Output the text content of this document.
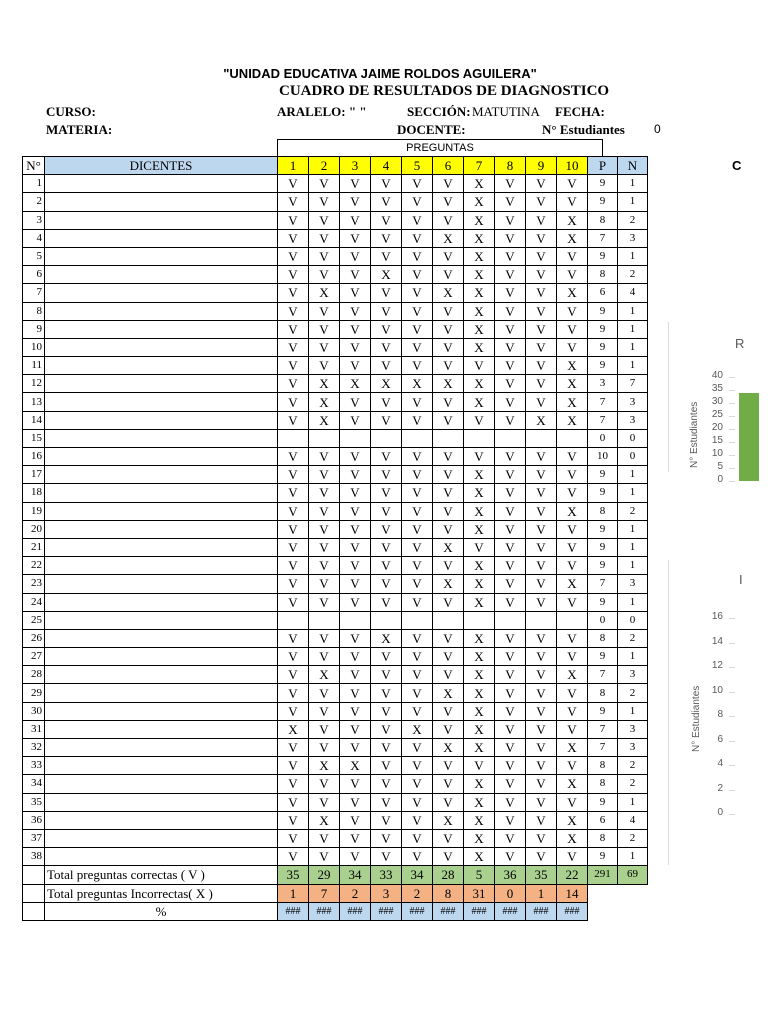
"UNIDAD EDUCATIVA JAIME ROLDOS AGUILERA"
CUADRO DE RESULTADOS DE DIAGNOSTICO
CURSO:	ARALELO: " "	SECCIÓN: MATUTINA FECHA:
MATERIA:	DOCENTE:	N° Estudiantes 0
C
PREGUNTAS
N°	DICENTES	1	2	3	4	5	6	7	8	9	10	P	N
1		V	V	V	V	V	V	X	V	V	V	9	1
2		V	V	V	V	V	V	X	V	V	V	9	1
3		V	V	V	V	V	V	X	V	V	X	8	2
4		V	V	V	V	V	X	X	V	V	X	7	3
5		V	V	V	V	V	V	X	V	V	V	9	1
6		V	V	V	X	V	V	X	V	V	V	8	2
7		V	X	V	V	V	X	X	V	V	X	6	4
8		V	V	V	V	V	V	X	V	V	V	9	1
9		V	V	V	V	V	V	X	V	V	V	9	1
10		V	V	V	V	V	V	X	V	V	V	9	1
11		V	V	V	V	V	V	V	V	V	X	9	1
12		V	X	X	X	X	X	X	V	V	X	3	7
13		V	X	V	V	V	V	X	V	V	X	7	3
14		V	X	V	V	V	V	V	V	X	X	7	3
15												0	0
16		V	V	V	V	V	V	V	V	V	V	10	0
17		V	V	V	V	V	V	X	V	V	V	9	1
18		V	V	V	V	V	V	X	V	V	V	9	1
19		V	V	V	V	V	V	X	V	V	X	8	2
20		V	V	V	V	V	V	X	V	V	V	9	1
21		V	V	V	V	V	X	V	V	V	V	9	1
22		V	V	V	V	V	V	X	V	V	V	9	1
23		V	V	V	V	V	X	X	V	V	X	7	3
24		V	V	V	V	V	V	X	V	V	V	9	1
25												0	0
26		V	V	V	X	V	V	X	V	V	V	8	2
27		V	V	V	V	V	V	X	V	V	V	9	1
28		V	X	V	V	V	V	X	V	V	X	7	3
29		V	V	V	V	V	X	X	V	V	V	8	2
30		V	V	V	V	V	V	X	V	V	V	9	1
31		X	V	V	V	X	V	X	V	V	V	7	3
32		V	V	V	V	V	X	X	V	V	X	7	3
33		V	X	X	V	V	V	V	V	V	V	8	2
34		V	V	V	V	V	V	X	V	V	X	8	2
35		V	V	V	V	V	V	X	V	V	V	9	1
36		V	X	V	V	V	X	X	V	V	X	6	4
37		V	V	V	V	V	V	X	V	V	X	8	2
38		V	V	V	V	V	V	X	V	V	V	9	1
	Total preguntas correctas ( V )	35	29	34	33	34	28	5	36	35	22	291	69
	Total preguntas Incorrectas( X )	1	7	2	3	2	8	31	0	1	14		
	%	###	###	###	###	###	###	###	###	###	###		
R
N° Estudiantes
40
35
30
25
20
15
10
5
0
I
N° Estudiantes
16
14
12
10
8
6
4
2
0
